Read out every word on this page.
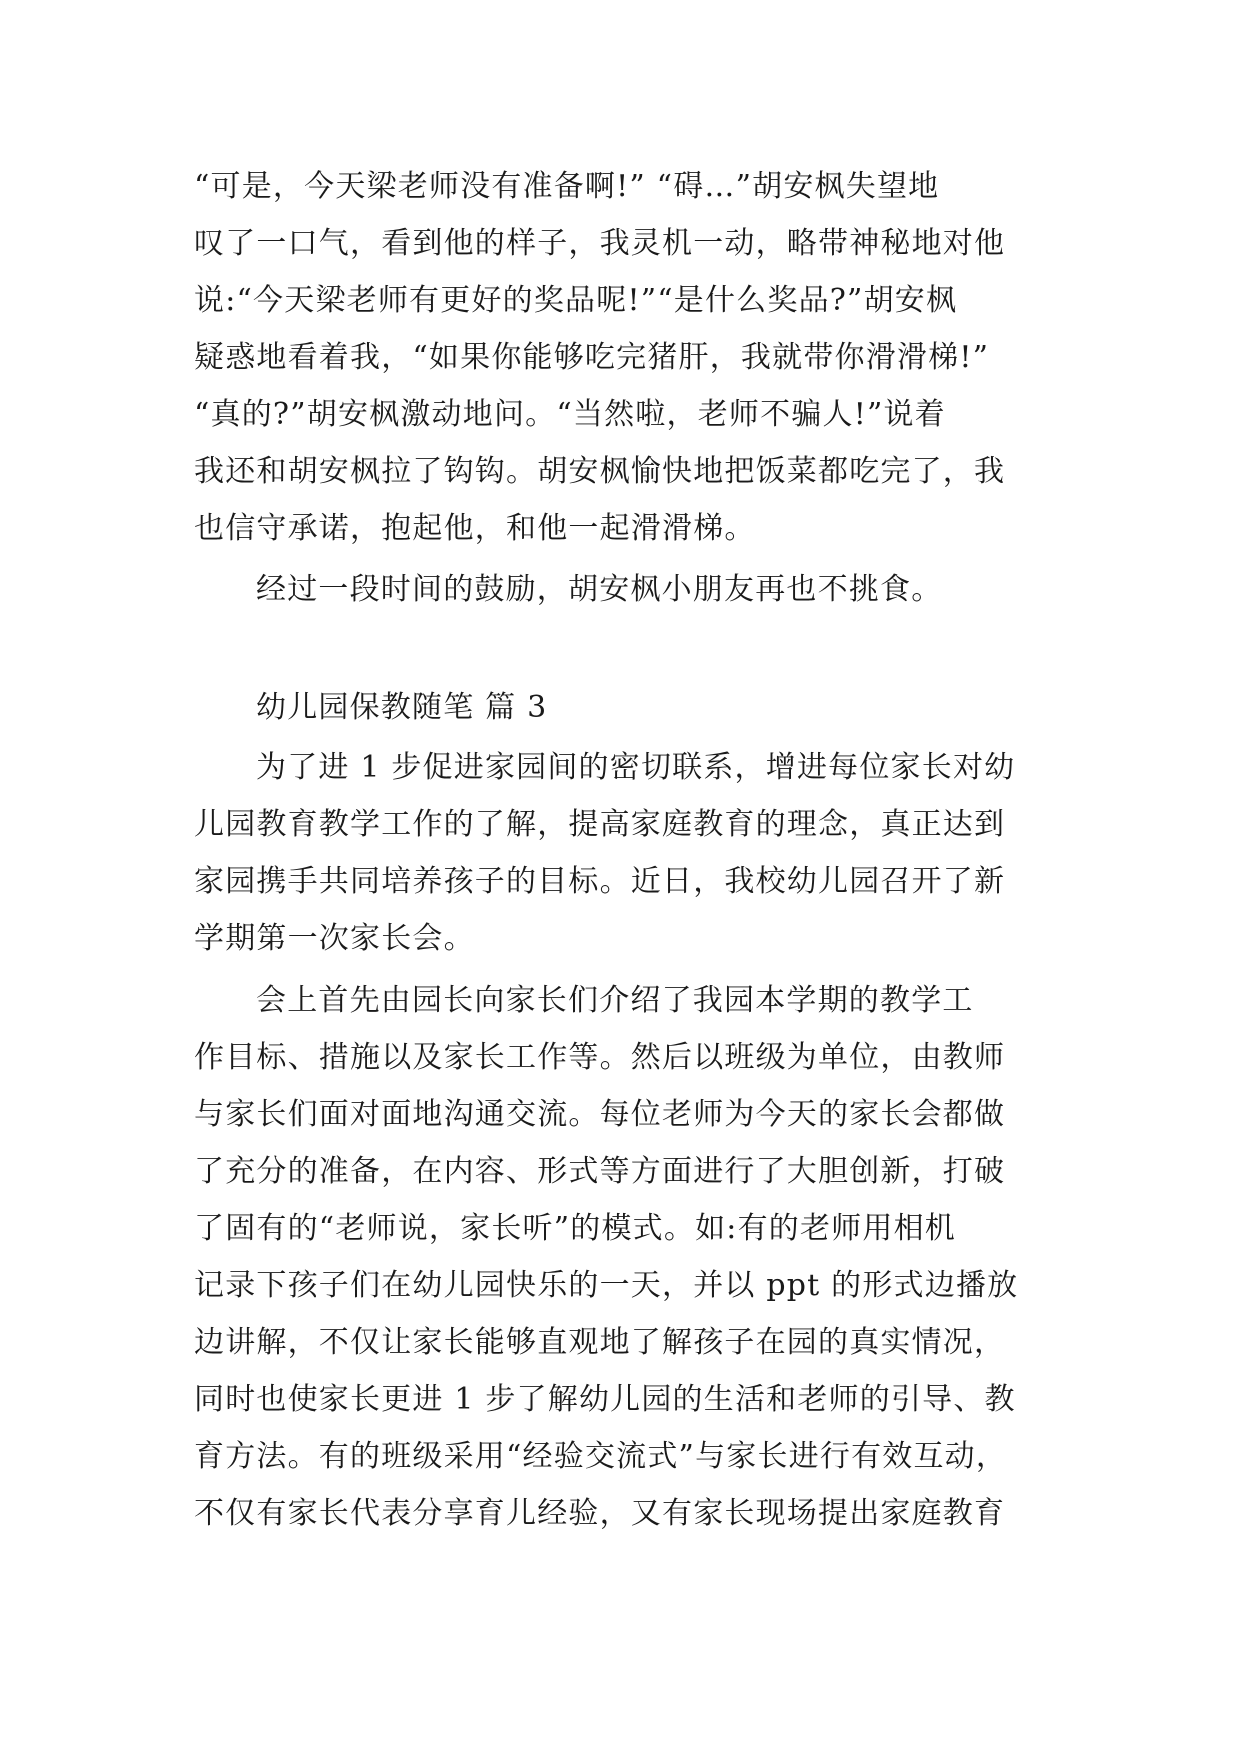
“可是，今天梁老师没有准备啊!” “碍…”胡安枫失望地
叹了一口气，看到他的样子，我灵机一动，略带神秘地对他
说:“今天梁老师有更好的奖品呢!”“是什么奖品?”胡安枫
疑惑地看着我，“如果你能够吃完猪肝，我就带你滑滑梯!”
“真的?”胡安枫激动地问。“当然啦，老师不骗人!”说着
我还和胡安枫拉了钩钩。胡安枫愉快地把饭菜都吃完了，我
也信守承诺，抱起他，和他一起滑滑梯。
经过一段时间的鼓励，胡安枫小朋友再也不挑食。
幼儿园保教随笔 篇 3
为了进 1 步促进家园间的密切联系，增进每位家长对幼
儿园教育教学工作的了解，提高家庭教育的理念，真正达到
家园携手共同培养孩子的目标。近日，我校幼儿园召开了新
学期第一次家长会。
会上首先由园长向家长们介绍了我园本学期的教学工
作目标、措施以及家长工作等。然后以班级为单位，由教师
与家长们面对面地沟通交流。每位老师为今天的家长会都做
了充分的准备，在内容、形式等方面进行了大胆创新，打破
了固有的“老师说，家长听”的模式。如:有的老师用相机
记录下孩子们在幼儿园快乐的一天，并以 ppt 的形式边播放
边讲解，不仅让家长能够直观地了解孩子在园的真实情况，
同时也使家长更进 1 步了解幼儿园的生活和老师的引导、教
育方法。有的班级采用“经验交流式”与家长进行有效互动，
不仅有家长代表分享育儿经验，又有家长现场提出家庭教育
